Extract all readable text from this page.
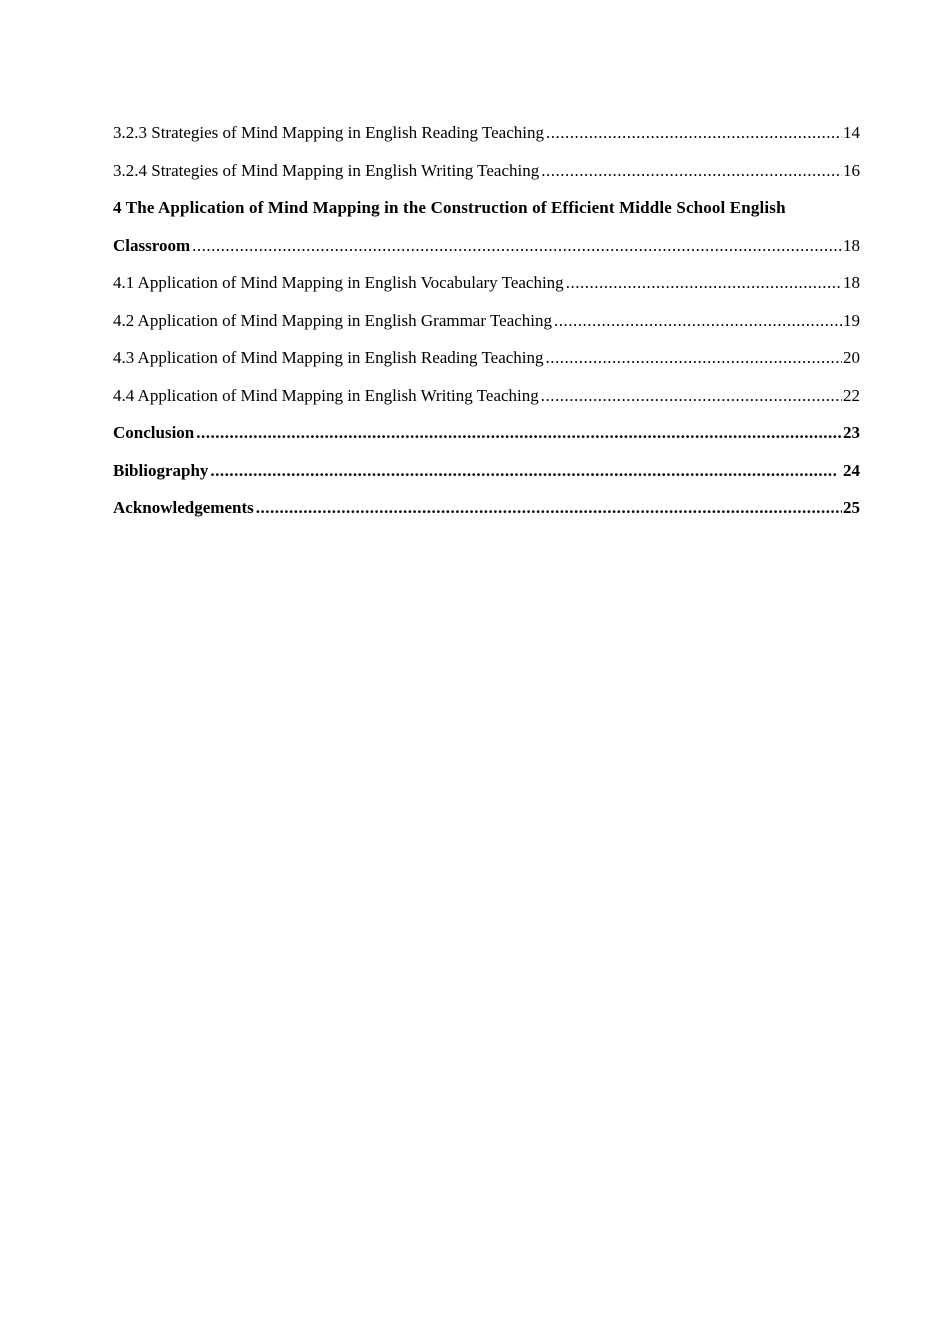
3.2.3 Strategies of Mind Mapping in English Reading Teaching .....	14
3.2.4 Strategies of Mind Mapping in English Writing Teaching .....	16
4 The Application of Mind Mapping in the Construction of Efficient Middle School English
Classroom .....	18
4.1 Application of Mind Mapping in English Vocabulary Teaching .....	18
4.2 Application of Mind Mapping in English Grammar Teaching .....	19
4.3 Application of Mind Mapping in English Reading Teaching .....	20
4.4 Application of Mind Mapping in English Writing Teaching .....	22
Conclusion .....	23
Bibliography .....	24
Acknowledgements .....	25
